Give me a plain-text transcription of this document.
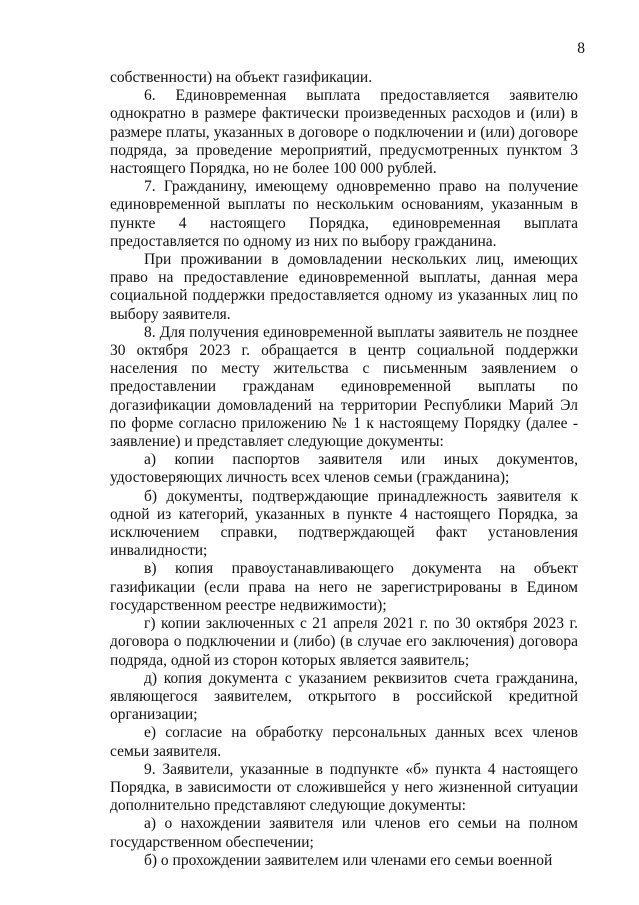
8

собственности) на объект газификации.

6. Единовременная выплата предоставляется заявителю однократно в размере фактически произведенных расходов и (или) в размере платы, указанных в договоре о подключении и (или) договоре подряда, за проведение мероприятий, предусмотренных пунктом 3 настоящего Порядка, но не более 100 000 рублей.

7. Гражданину, имеющему одновременно право на получение единовременной выплаты по нескольким основаниям, указанным в пункте 4 настоящего Порядка, единовременная выплата предоставляется по одному из них по выбору гражданина.

При проживании в домовладении нескольких лиц, имеющих право на предоставление единовременной выплаты, данная мера социальной поддержки предоставляется одному из указанных лиц по выбору заявителя.

8. Для получения единовременной выплаты заявитель не позднее 30 октября 2023 г. обращается в центр социальной поддержки населения по месту жительства с письменным заявлением о предоставлении гражданам единовременной выплаты по догазификации домовладений на территории Республики Марий Эл по форме согласно приложению № 1 к настоящему Порядку (далее - заявление) и представляет следующие документы:

а) копии паспортов заявителя или иных документов, удостоверяющих личность всех членов семьи (гражданина);

б) документы, подтверждающие принадлежность заявителя к одной из категорий, указанных в пункте 4 настоящего Порядка, за исключением справки, подтверждающей факт установления инвалидности;

в) копия правоустанавливающего документа на объект газификации (если права на него не зарегистрированы в Едином государственном реестре недвижимости);

г) копии заключенных с 21 апреля 2021 г. по 30 октября 2023 г. договора о подключении и (либо) (в случае его заключения) договора подряда, одной из сторон которых является заявитель;

д) копия документа с указанием реквизитов счета гражданина, являющегося заявителем, открытого в российской кредитной организации;

е) согласие на обработку персональных данных всех членов семьи заявителя.

9. Заявители, указанные в подпункте «б» пункта 4 настоящего Порядка, в зависимости от сложившейся у него жизненной ситуации дополнительно представляют следующие документы:

а) о нахождении заявителя или членов его семьи на полном государственном обеспечении;

б) о прохождении заявителем или членами его семьи военной
